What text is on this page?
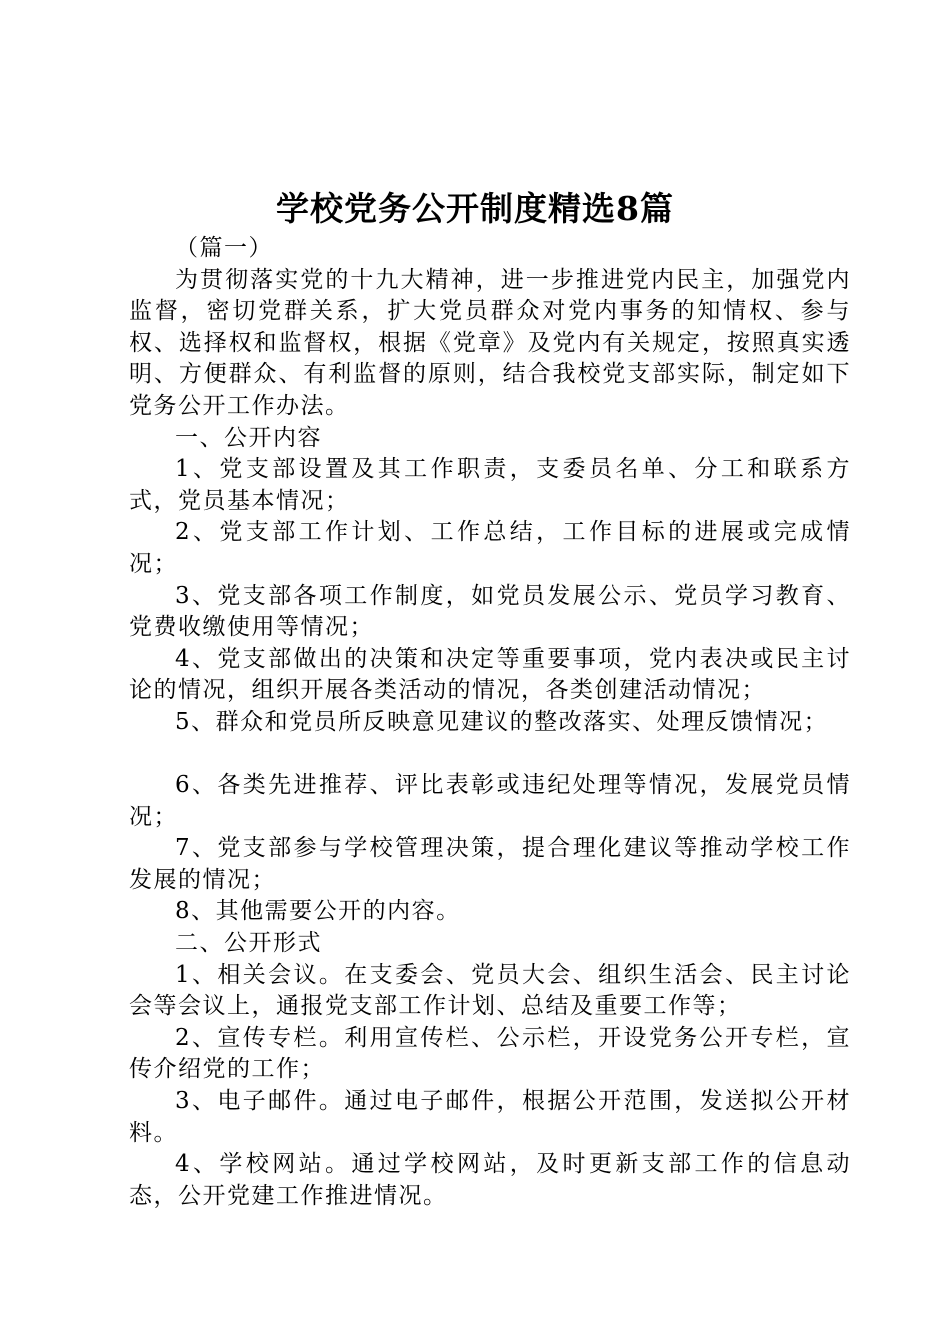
学校党务公开制度精选8篇

（篇一）

为贯彻落实党的十九大精神，进一步推进党内民主，加强党内监督，密切党群关系，扩大党员群众对党内事务的知情权、参与权、选择权和监督权，根据《党章》及党内有关规定，按照真实透明、方便群众、有利监督的原则，结合我校党支部实际，制定如下党务公开工作办法。

一、公开内容

1、党支部设置及其工作职责，支委员名单、分工和联系方式，党员基本情况；

2、党支部工作计划、工作总结，工作目标的进展或完成情况；

3、党支部各项工作制度，如党员发展公示、党员学习教育、党费收缴使用等情况；

4、党支部做出的决策和决定等重要事项，党内表决或民主讨论的情况，组织开展各类活动的情况，各类创建活动情况；

5、群众和党员所反映意见建议的整改落实、处理反馈情况；

6、各类先进推荐、评比表彰或违纪处理等情况，发展党员情况；

7、党支部参与学校管理决策，提合理化建议等推动学校工作发展的情况；

8、其他需要公开的内容。

二、公开形式

1、相关会议。在支委会、党员大会、组织生活会、民主讨论会等会议上，通报党支部工作计划、总结及重要工作等；

2、宣传专栏。利用宣传栏、公示栏，开设党务公开专栏，宣传介绍党的工作；

3、电子邮件。通过电子邮件，根据公开范围，发送拟公开材料。

4、学校网站。通过学校网站，及时更新支部工作的信息动态，公开党建工作推进情况。
